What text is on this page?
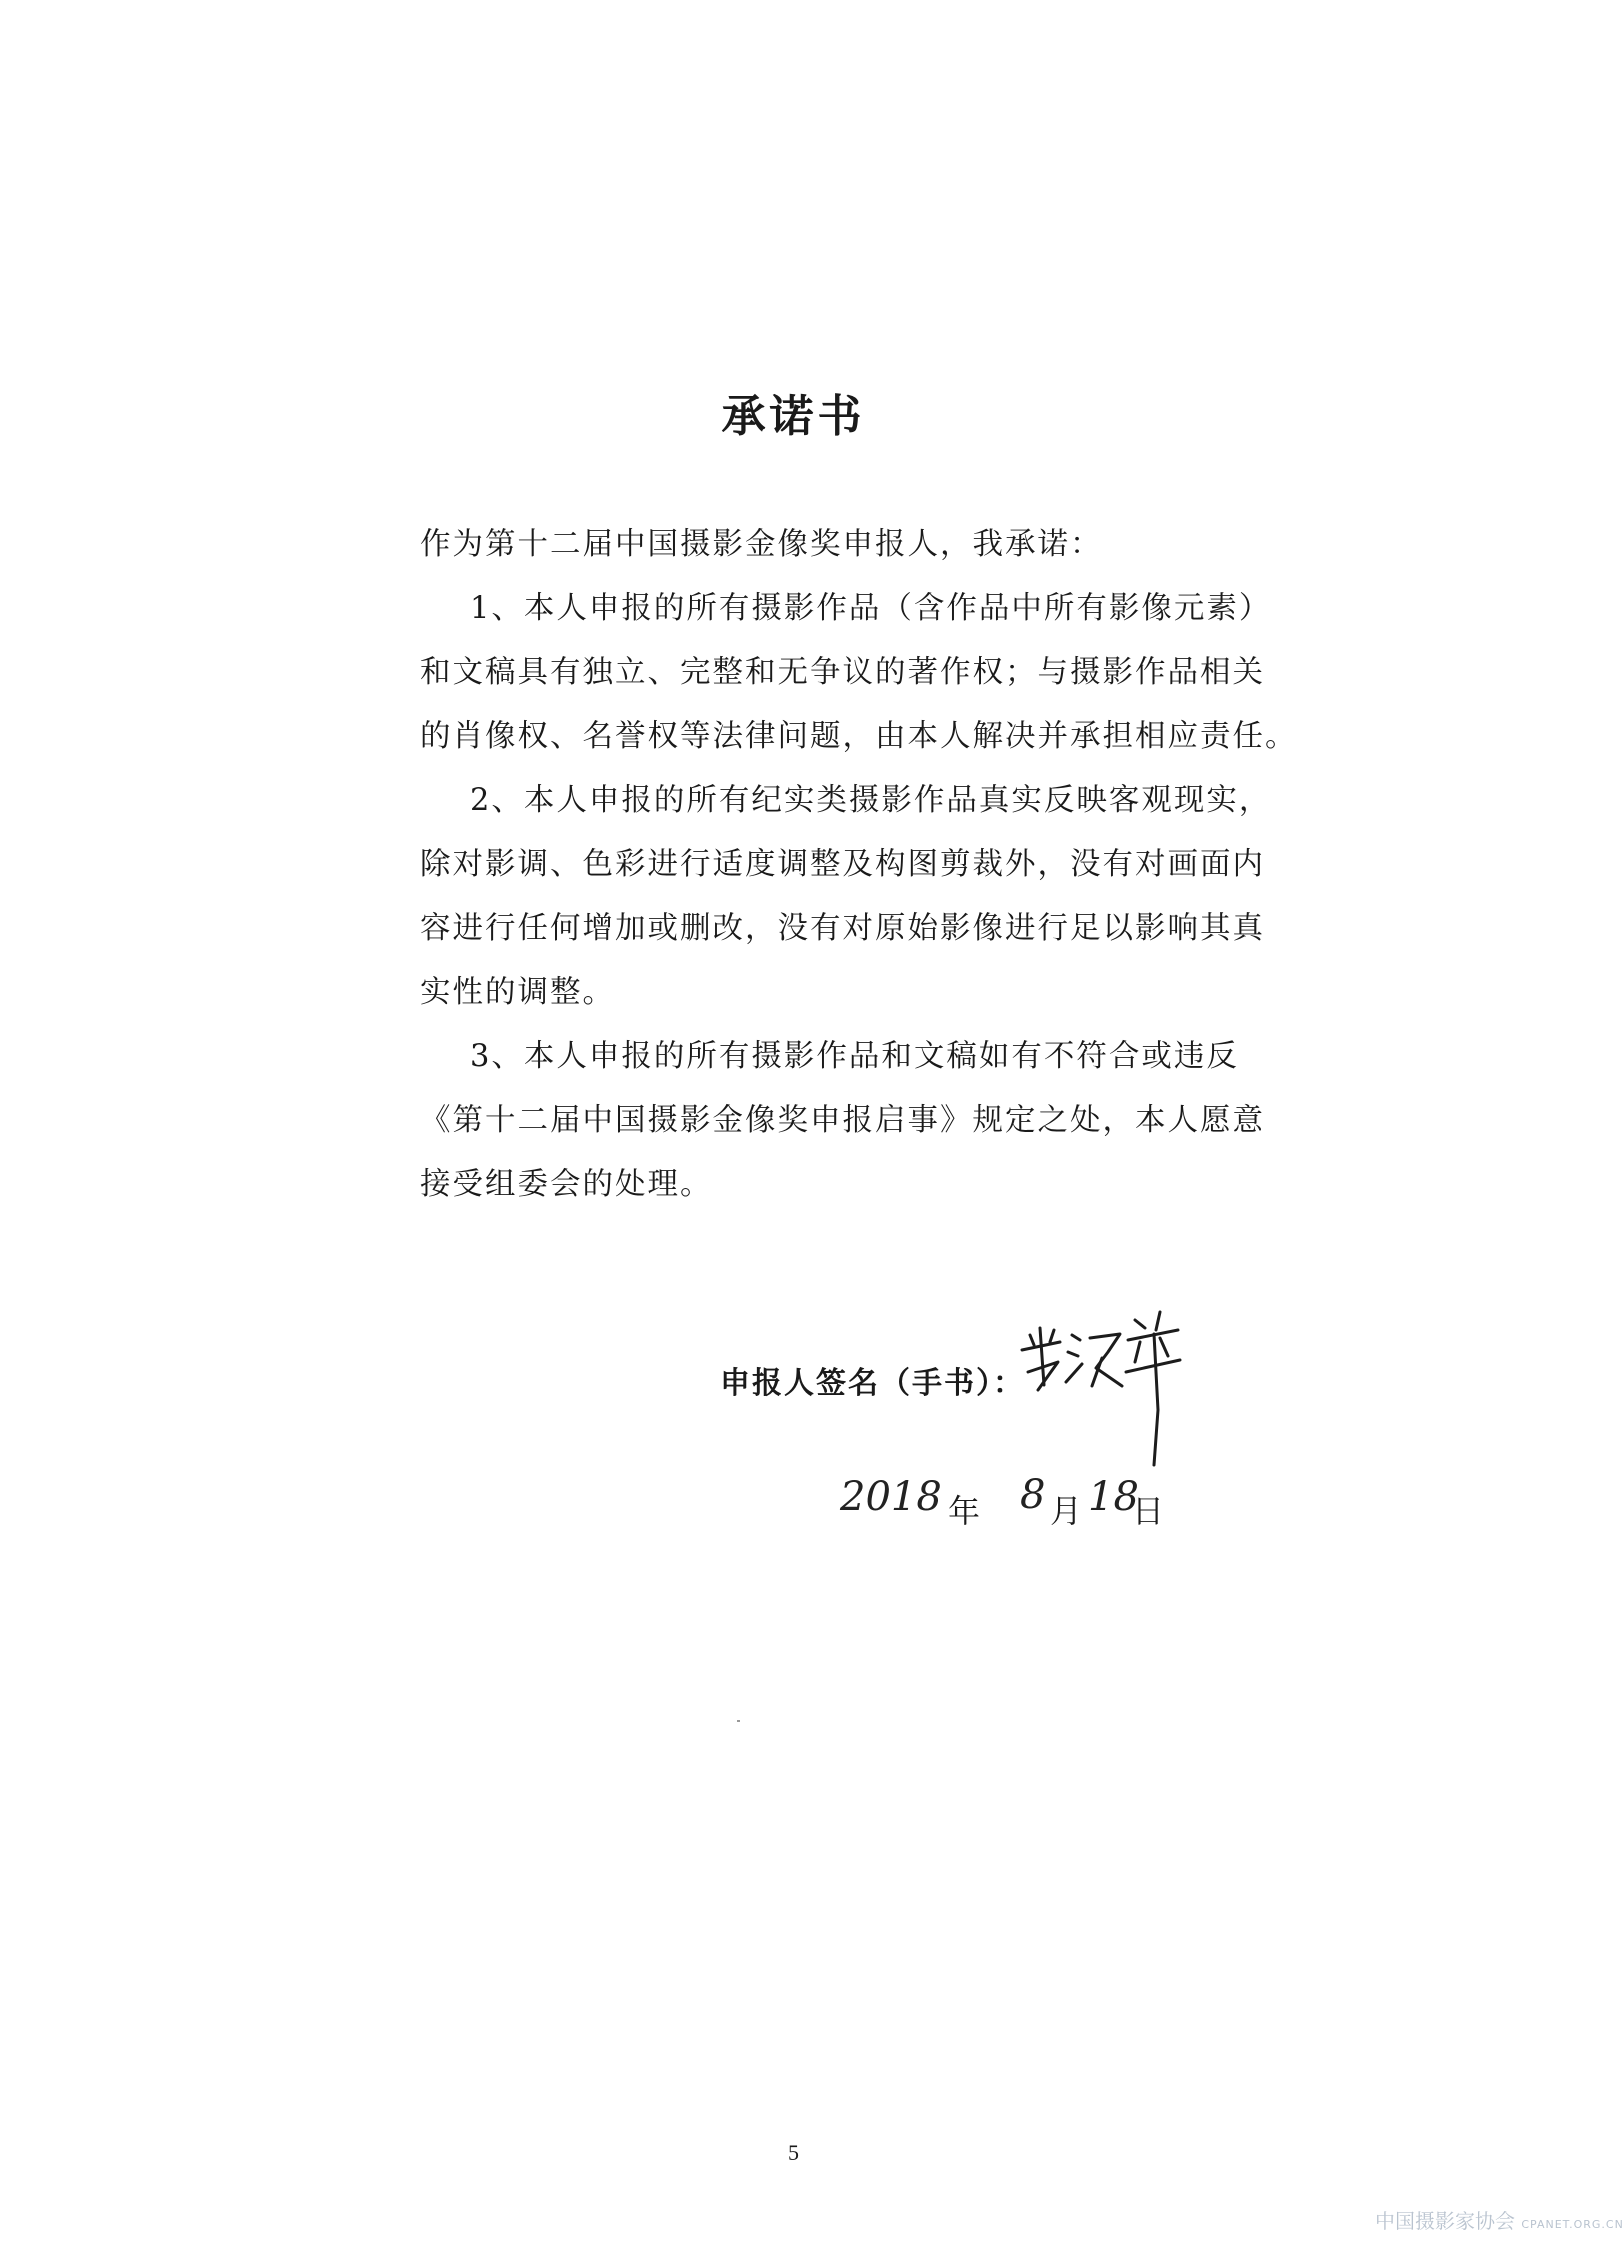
承诺书
作为第十二届中国摄影金像奖申报人，我承诺：
1、本人申报的所有摄影作品（含作品中所有影像元素）
和文稿具有独立、完整和无争议的著作权；与摄影作品相关
的肖像权、名誉权等法律问题，由本人解决并承担相应责任。
2、本人申报的所有纪实类摄影作品真实反映客观现实，
除对影调、色彩进行适度调整及构图剪裁外，没有对画面内
容进行任何增加或删改，没有对原始影像进行足以影响其真
实性的调整。
3、本人申报的所有摄影作品和文稿如有不符合或违反
《第十二届中国摄影金像奖申报启事》规定之处，本人愿意
接受组委会的处理。
申报人签名（手书）：
2018 年 8 月 18
日
5
中国摄影家协会 CPANET.ORG.CN
